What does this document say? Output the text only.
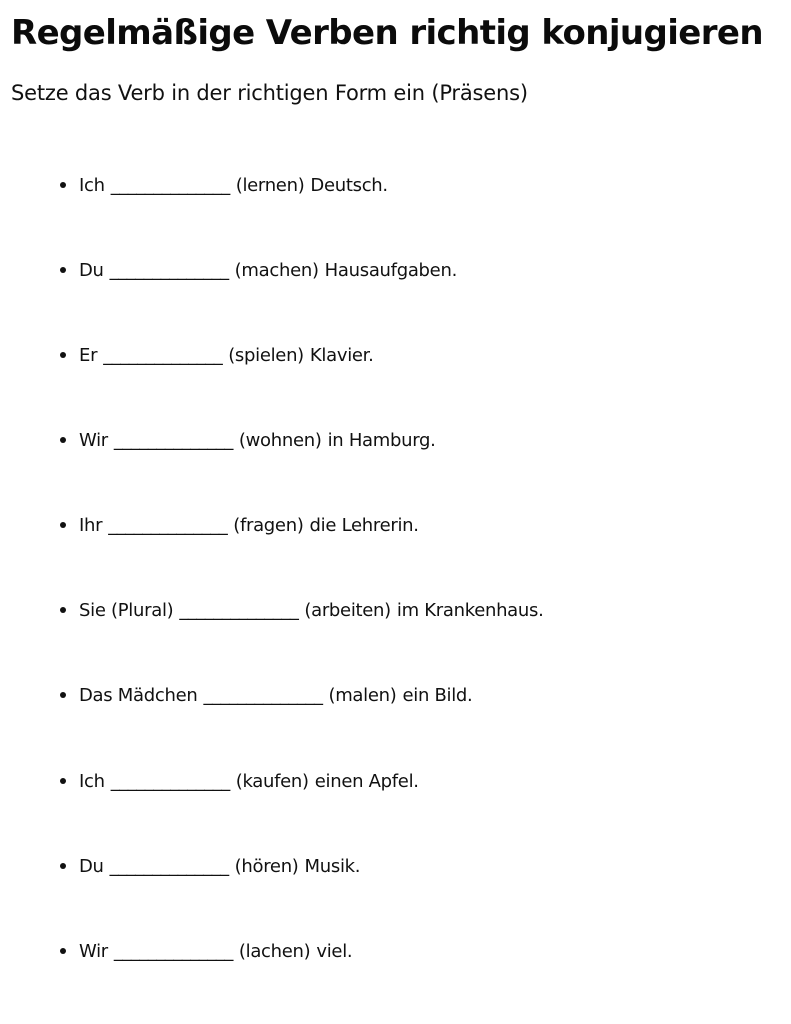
Regelmäßige Verben richtig konjugieren

Setze das Verb in der richtigen Form ein (Präsens)

Ich ______________ (lernen) Deutsch.
Du ______________ (machen) Hausaufgaben.
Er ______________ (spielen) Klavier.
Wir ______________ (wohnen) in Hamburg.
Ihr ______________ (fragen) die Lehrerin.
Sie (Plural) ______________ (arbeiten) im Krankenhaus.
Das Mädchen ______________ (malen) ein Bild.
Ich ______________ (kaufen) einen Apfel.
Du ______________ (hören) Musik.
Wir ______________ (lachen) viel.
